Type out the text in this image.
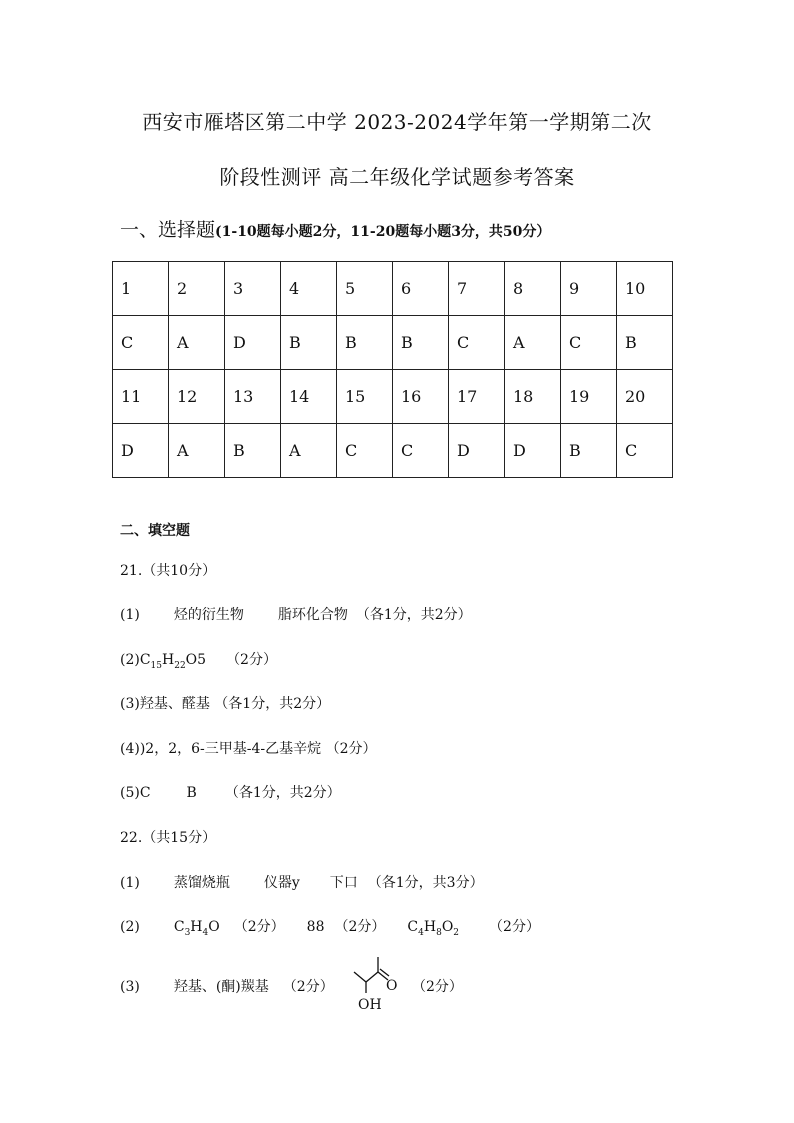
西安市雁塔区第二中学 2023-2024学年第一学期第二次
阶段性测评 高二年级化学试题参考答案
一、选择题(1-10题每小题2分，11-20题每小题3分，共50分）
1	2	3	4	5	6	7	8	9	10
C	A	D	B	B	B	C	A	C	B
11	12	13	14	15	16	17	18	19	20
D	A	B	A	C	C	D	D	B	C
二、填空题
21.（共10分）
(1) 烃的衍生物 脂环化合物 （各1分，共2分）
$(2)C_{15}H_{22}O5$ （2分）
(3)羟基、醛基 （各1分，共2分）
(4))2，2，6-三甲基-4-乙基辛烷 （2分）
(5)C	B （各1分，共2分）
22.（共15分）
(1) 蒸馏烧瓶 仪器y 下口 （各1分，共3分）
(2) $C_3H_4O$ （2分） 88 （2分） $C_4H_8O_2$ （2分）
(3) 羟基、(酮)羰基 （2分）	O
OH
（2分）
